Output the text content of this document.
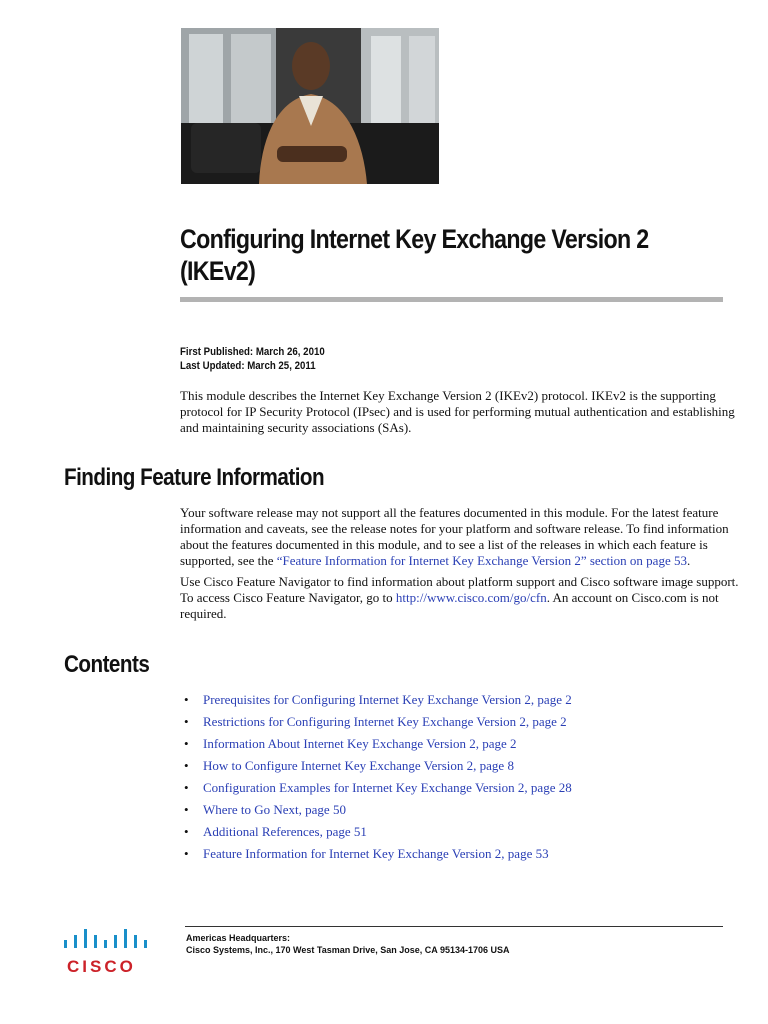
Configuring Internet Key Exchange Version 2 (IKEv2)
First Published: March 26, 2010
Last Updated: March 25, 2011

This module describes the Internet Key Exchange Version 2 (IKEv2) protocol. IKEv2 is the supporting protocol for IP Security Protocol (IPsec) and is used for performing mutual authentication and establishing and maintaining security associations (SAs).

Finding Feature Information

Your software release may not support all the features documented in this module. For the latest feature information and caveats, see the release notes for your platform and software release. To find information about the features documented in this module, and to see a list of the releases in which each feature is supported, see the “Feature Information for Internet Key Exchange Version 2” section on page 53.

Use Cisco Feature Navigator to find information about platform support and Cisco software image support. To access Cisco Feature Navigator, go to http://www.cisco.com/go/cfn. An account on Cisco.com is not required.

Contents
• Prerequisites for Configuring Internet Key Exchange Version 2, page 2
• Restrictions for Configuring Internet Key Exchange Version 2, page 2
• Information About Internet Key Exchange Version 2, page 2
• How to Configure Internet Key Exchange Version 2, page 8
• Configuration Examples for Internet Key Exchange Version 2, page 28
• Where to Go Next, page 50
• Additional References, page 51
• Feature Information for Internet Key Exchange Version 2, page 53
CISCO
Americas Headquarters:
Cisco Systems, Inc., 170 West Tasman Drive, San Jose, CA 95134-1706 USA
